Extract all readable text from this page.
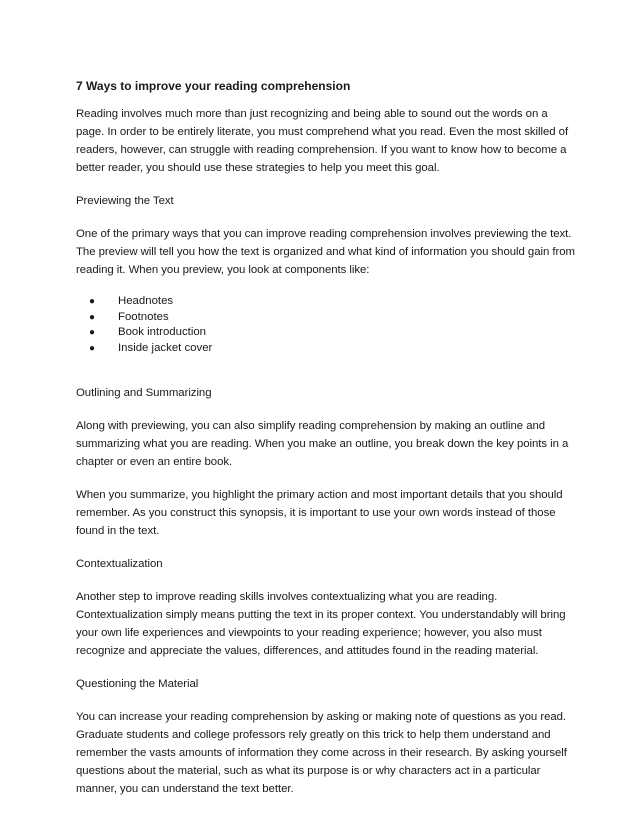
7 Ways to improve your reading comprehension

Reading involves much more than just recognizing and being able to sound out the words on a page. In order to be entirely literate, you must comprehend what you read. Even the most skilled of readers, however, can struggle with reading comprehension. If you want to know how to become a better reader, you should use these strategies to help you meet this goal.

Previewing the Text

One of the primary ways that you can improve reading comprehension involves previewing the text. The preview will tell you how the text is organized and what kind of information you should gain from reading it. When you preview, you look at components like:

● Headnotes
● Footnotes
● Book introduction
● Inside jacket cover

Outlining and Summarizing

Along with previewing, you can also simplify reading comprehension by making an outline and summarizing what you are reading. When you make an outline, you break down the key points in a chapter or even an entire book.

When you summarize, you highlight the primary action and most important details that you should remember. As you construct this synopsis, it is important to use your own words instead of those found in the text.

Contextualization

Another step to improve reading skills involves contextualizing what you are reading. Contextualization simply means putting the text in its proper context. You understandably will bring your own life experiences and viewpoints to your reading experience; however, you also must recognize and appreciate the values, differences, and attitudes found in the reading material.

Questioning the Material

You can increase your reading comprehension by asking or making note of questions as you read. Graduate students and college professors rely greatly on this trick to help them understand and remember the vasts amounts of information they come across in their research. By asking yourself questions about the material, such as what its purpose is or why characters act in a particular manner, you can understand the text better.
